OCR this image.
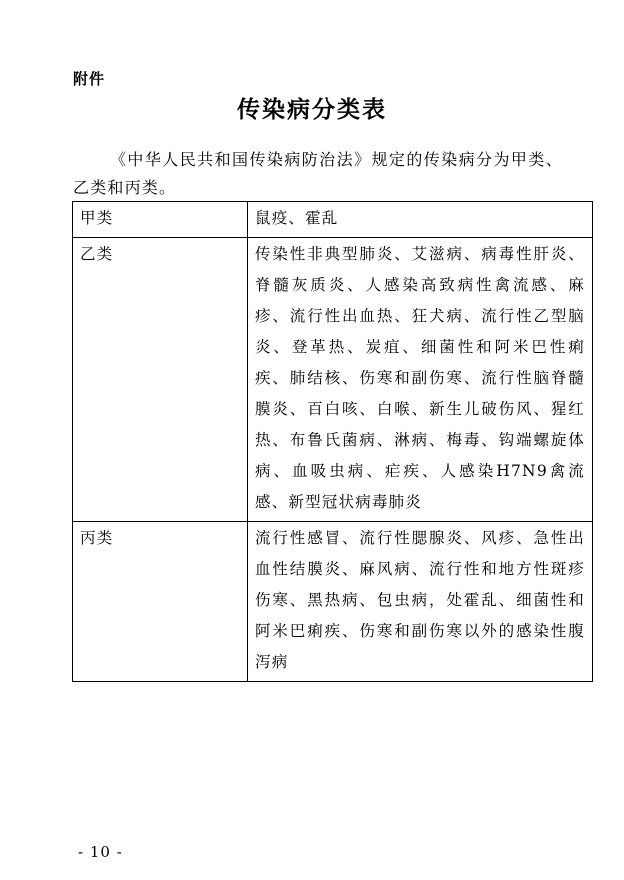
附件
传染病分类表
《中华人民共和国传染病防治法》规定的传染病分为甲类、乙类和丙类。
甲类	鼠疫、霍乱
乙类	传染性非典型肺炎、艾滋病、病毒性肝炎、脊髓灰质炎、人感染高致病性禽流感、麻疹、流行性出血热、狂犬病、流行性乙型脑炎、登革热、炭疽、细菌性和阿米巴性痢疾、肺结核、伤寒和副伤寒、流行性脑脊髓膜炎、百白咳、白喉、新生儿破伤风、猩红热、布鲁氏菌病、淋病、梅毒、钩端螺旋体病、血吸虫病、疟疾、人感染H7N9禽流感、新型冠状病毒肺炎
丙类	流行性感冒、流行性腮腺炎、风疹、急性出血性结膜炎、麻风病、流行性和地方性斑疹伤寒、黑热病、包虫病，处霍乱、细菌性和阿米巴痢疾、伤寒和副伤寒以外的感染性腹泻病
- 10 -
